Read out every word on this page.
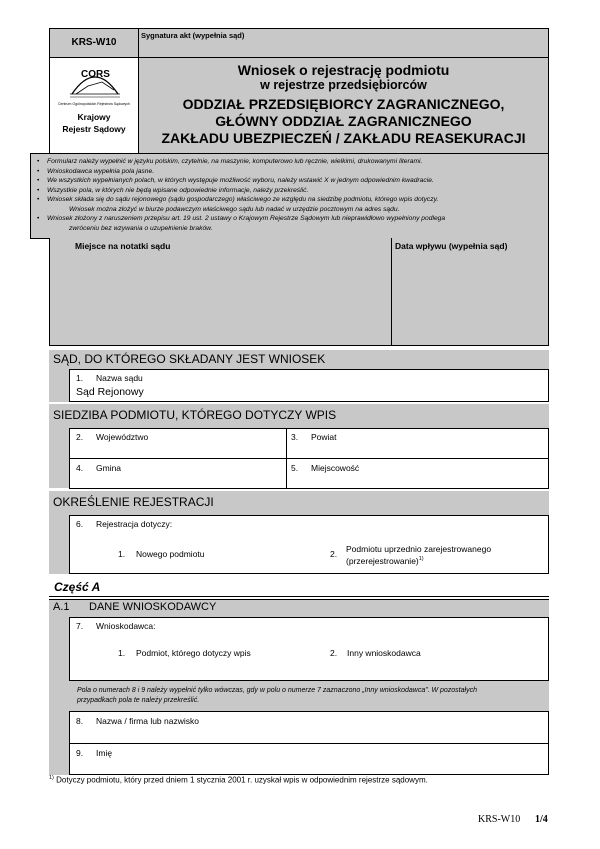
KRS-W10
Sygnatura akt (wypełnia sąd)
CORS
Centrum Ogólnopolskich Rejestrów Sądowych
Krajowy
Rejestr Sądowy
Wniosek o rejestrację podmiotu
w rejestrze przedsiębiorców
ODDZIAŁ PRZEDSIĘBIORCY ZAGRANICZNEGO,
GŁÓWNY ODDZIAŁ ZAGRANICZNEGO
ZAKŁADU UBEZPIECZEŃ / ZAKŁADU REASEKURACJI
• Formularz należy wypełnić w języku polskim, czytelnie, na maszynie, komputerowo lub ręcznie, wielkimi, drukowanymi literami.
• Wnioskodawca wypełnia pola jasne.
• We wszystkich wypełnianych polach, w których występuje możliwość wyboru, należy wstawić X w jednym odpowiednim kwadracie.
• Wszystkie pola, w których nie będą wpisane odpowiednie informacje, należy przekreślić.
• Wniosek składa się do sądu rejonowego (sądu gospodarczego) właściwego ze względu na siedzibę podmiotu, którego wpis dotyczy.
Wniosek można złożyć w biurze podawczym właściwego sądu lub nadać w urzędzie pocztowym na adres sądu.
• Wniosek złożony z naruszeniem przepisu art. 19 ust. 2 ustawy o Krajowym Rejestrze Sądowym lub nieprawidłowo wypełniony podlega
zwróceniu bez wzywania o uzupełnienie braków.
Miejsce na notatki sądu	Data wpływu (wypełnia sąd)
SĄD, DO KTÓREGO SKŁADANY JEST WNIOSEK
1. Nazwa sądu
Sąd Rejonowy
SIEDZIBA PODMIOTU, KTÓREGO DOTYCZY WPIS
2. Województwo	3. Powiat
4. Gmina	5. Miejscowość
OKREŚLENIE REJESTRACJI
6. Rejestracja dotyczy:
1. Nowego podmiotu	2. Podmiotu uprzednio zarejestrowanego
(przerejestrowanie)$^{1)}$
Część A
A.1 DANE WNIOSKODAWCY
7. Wnioskodawca:
1. Podmiot, którego dotyczy wpis	2. Inny wnioskodawca
Pola o numerach 8 i 9 należy wypełnić tylko wówczas, gdy w polu o numerze 7 zaznaczono „Inny wnioskodawca”. W pozostałych
przypadkach pola te należy przekreślić.
8. Nazwa / firma lub nazwisko
9. Imię
$^{1)}$ Dotyczy podmiotu, który przed dniem 1 stycznia 2001 r. uzyskał wpis w odpowiednim rejestrze sądowym.
KRS-W10 1/4
